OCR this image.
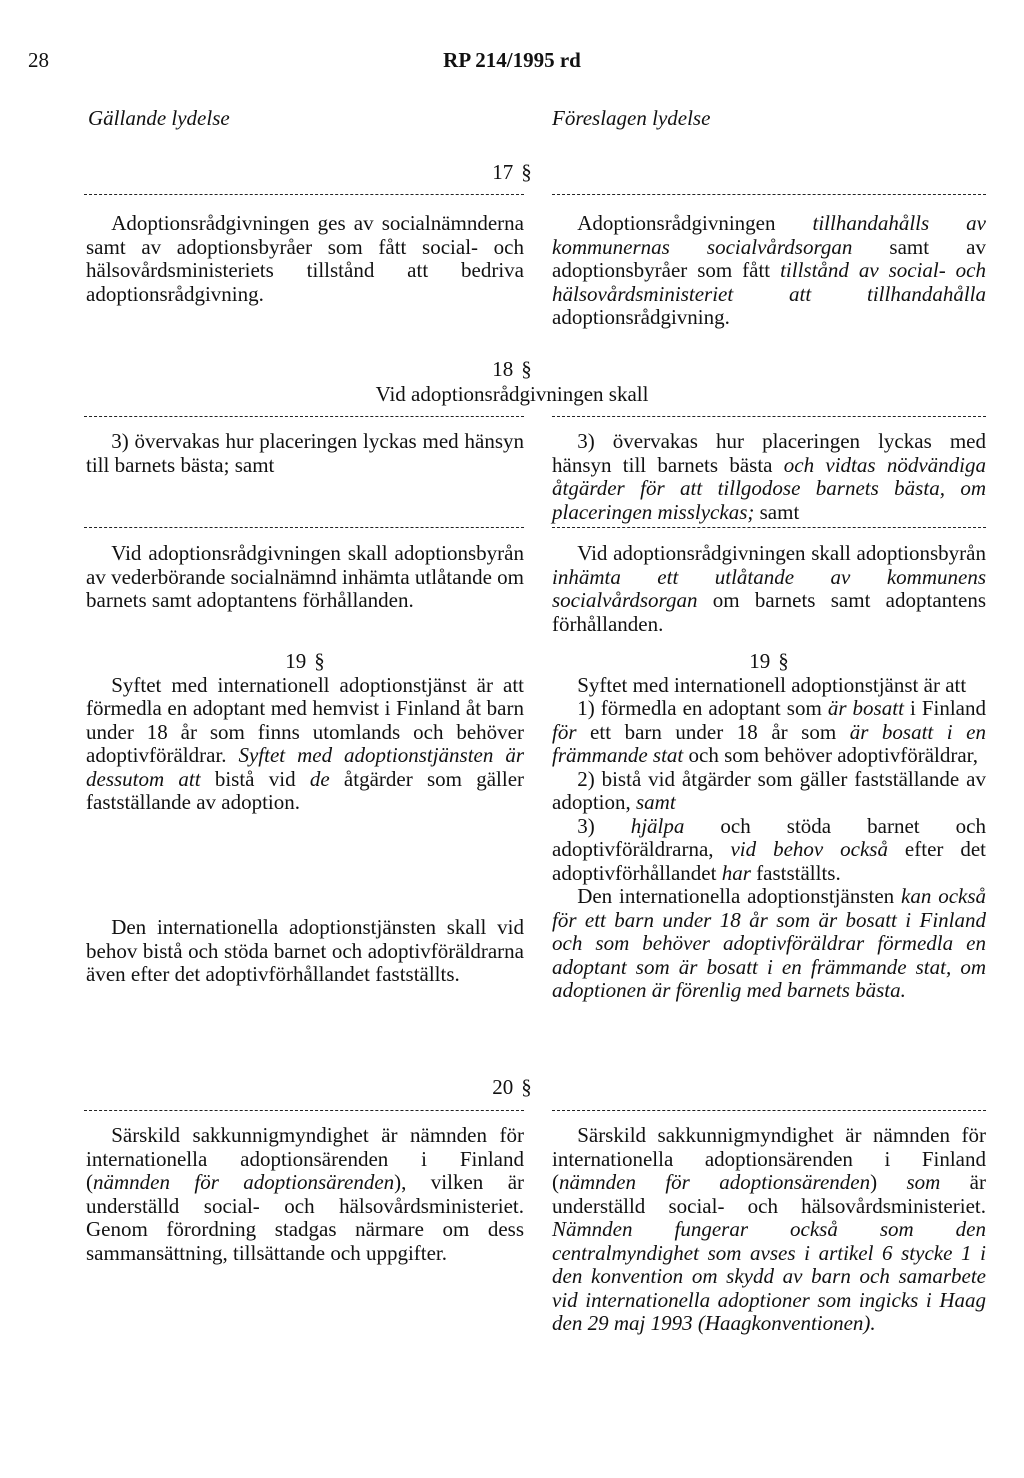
28	RP 214/1995 rd
Gällande lydelse	Föreslagen lydelse
17 §

Adoptionsrådgivningen ges av socialnämnderna samt av adoptionsbyråer som fått social- och hälsovårdsministeriets tillstånd att bedriva adoptionsrådgivning.

Adoptionsrådgivningen tillhandahålls av kommunernas socialvårdsorgan samt av adoptionsbyråer som fått tillstånd av social- och hälsovårdsministeriet att tillhandahålla adoptionsrådgivning.

18 §
Vid adoptionsrådgivningen skall

3) övervakas hur placeringen lyckas med hänsyn till barnets bästa; samt

3) övervakas hur placeringen lyckas med hänsyn till barnets bästa och vidtas nödvändiga åtgärder för att tillgodose barnets bästa, om placeringen misslyckas; samt

Vid adoptionsrådgivningen skall adoptionsbyrån av vederbörande socialnämnd inhämta utlåtande om barnets samt adoptantens förhållanden.

Vid adoptionsrådgivningen skall adoptionsbyrån inhämta ett utlåtande av kommunens socialvårdsorgan om barnets samt adoptantens förhållanden.

19 §

Syftet med internationell adoptionstjänst är att förmedla en adoptant med hemvist i Finland åt barn under 18 år som finns utomlands och behöver adoptivföräldrar. Syftet med adoptionstjänsten är dessutom att bistå vid de åtgärder som gäller fastställande av adoption.

Den internationella adoptionstjänsten skall vid behov bistå och stöda barnet och adoptivföräldrarna även efter det adoptivförhållandet fastställts.

19 §

Syftet med internationell adoptionstjänst är att

1) förmedla en adoptant som är bosatt i Finland för ett barn under 18 år som är bosatt i en främmande stat och som behöver adoptivföräldrar,

2) bistå vid åtgärder som gäller fastställande av adoption, samt

3) hjälpa och stöda barnet och adoptivföräldrarna, vid behov också efter det adoptivförhållandet har fastställts.

Den internationella adoptionstjänsten kan också för ett barn under 18 år som är bosatt i Finland och som behöver adoptivföräldrar förmedla en adoptant som är bosatt i en främmande stat, om adoptionen är förenlig med barnets bästa.

20 §

Särskild sakkunnigmyndighet är nämnden för internationella adoptionsärenden i Finland (nämnden för adoptionsärenden), vilken är underställd social- och hälsovårdsministeriet. Genom förordning stadgas närmare om dess sammansättning, tillsättande och uppgifter.

Särskild sakkunnigmyndighet är nämnden för internationella adoptionsärenden i Finland (nämnden för adoptionsärenden) som är underställd social- och hälsovårdsministeriet. Nämnden fungerar också som den centralmyndighet som avses i artikel 6 stycke 1 i den konvention om skydd av barn och samarbete vid internationella adoptioner som ingicks i Haag den 29 maj 1993 (Haagkonventionen).
